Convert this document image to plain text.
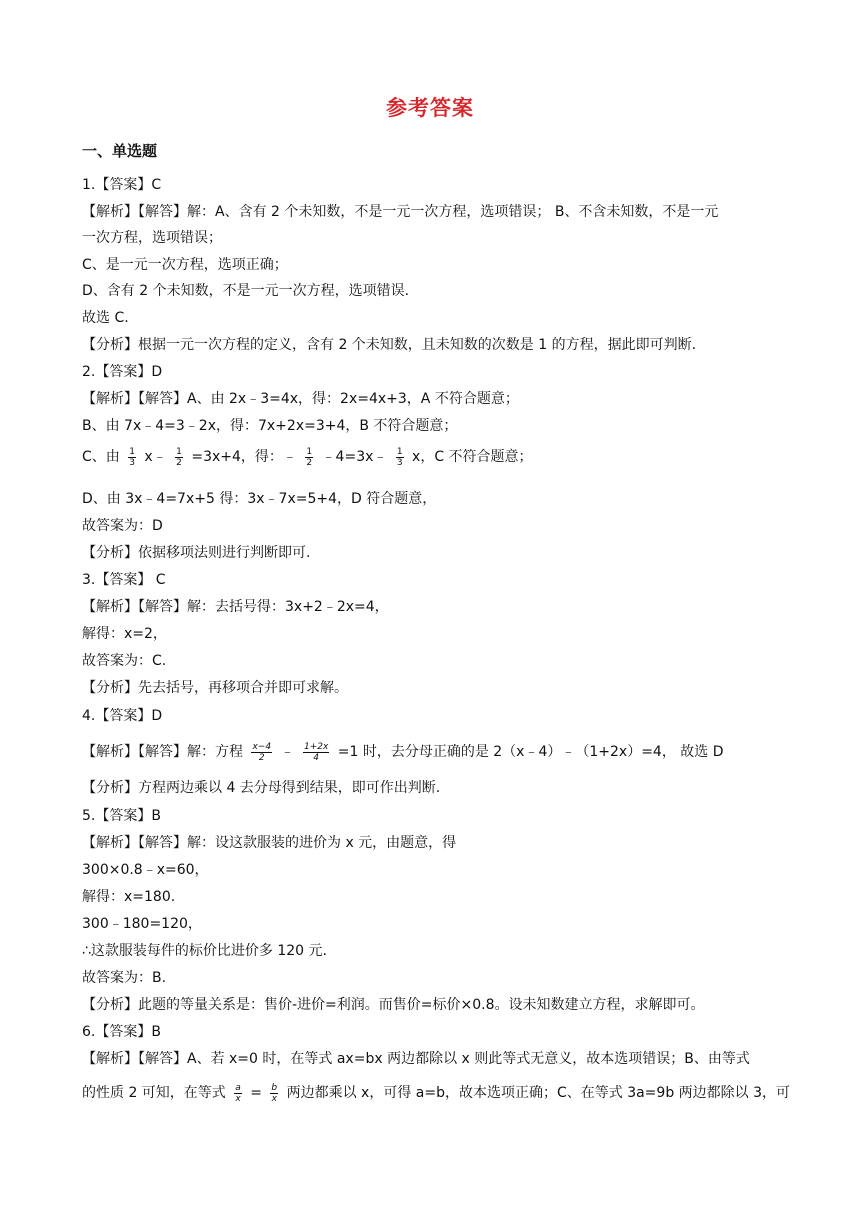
参考答案
一、单选题
1.【答案】C
【解析】【解答】解：A、含有 2 个未知数，不是一元一次方程，选项错误； B、不含未知数，不是一元
一次方程，选项错误；
C、是一元一次方程，选项正确；
D、含有 2 个未知数，不是一元一次方程，选项错误.
故选 C.
【分析】根据一元一次方程的定义，含有 2 个未知数，且未知数的次数是 1 的方程，据此即可判断.
2.【答案】D
【解析】【解答】A、由 2x﹣3=4x，得：2x=4x+3，A 不符合题意；
B、由 7x﹣4=3﹣2x，得：7x+2x=3+4，B 不符合题意；
C、由 $\frac{1}{3}$ x﹣ $\frac{1}{2} =3x+4$，得：﹣ $\frac{1}{2}$ ﹣4=3x﹣ $\frac{1}{3}$ x，C 不符合题意；
D、由 3x﹣4=7x+5 得：3x﹣7x=5+4，D 符合题意，
故答案为：D
【分析】依据移项法则进行判断即可.
3.【答案】 C
【解析】【解答】解：去括号得：3x+2﹣2x=4，
解得：x=2，
故答案为：C.
【分析】先去括号，再移项合并即可求解。
4.【答案】D
【解析】【解答】解：方程 $\frac{x-4}{2}$ ﹣ $\frac{1+2x}{4} =1$ 时，去分母正确的是 2（x﹣4）﹣（1+2x）=4， 故选 D
【分析】方程两边乘以 4 去分母得到结果，即可作出判断.
5.【答案】B
【解析】【解答】解：设这款服装的进价为 x 元，由题意，得
300×0.8﹣x=60，
解得：x=180.
300﹣180=120，
∴这款服装每件的标价比进价多 120 元.
故答案为：B.
【分析】此题的等量关系是：售价-进价=利润。而售价=标价×0.8。设未知数建立方程，求解即可。
6.【答案】B
【解析】【解答】A、若 x=0 时，在等式 ax=bx 两边都除以 x 则此等式无意义，故本选项错误；B、由等式
的性质 2 可知，在等式 $\frac{a}{x} = \frac{b}{x}$ 两边都乘以 x，可得 a=b，故本选项正确；C、在等式 3a=9b 两边都除以 3，可
